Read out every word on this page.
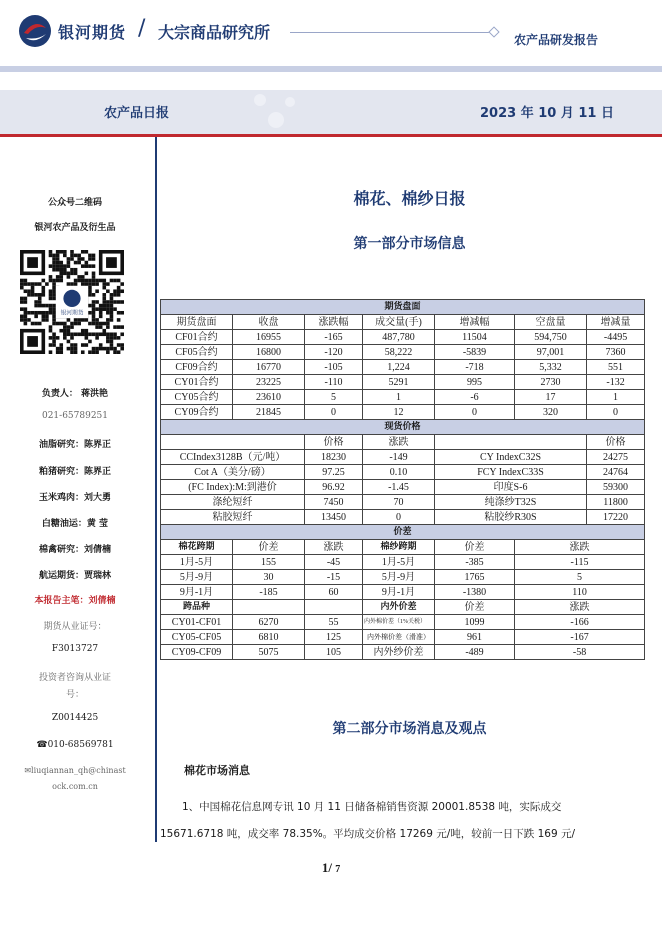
银河期货 / 大宗商品研究所	农产品研发报告
农产品日报	2023 年 10 月 11 日
公众号二维码
银河农产品及衍生品
银河期货
负责人： 蒋洪艳
021-65789251
油脂研究：陈界正
粕猪研究：陈界正
玉米鸡肉：刘大勇
白糖油运：黄 莹
棉禽研究：刘倩楠
航运期货：贾瑞林
本报告主笔：刘倩楠
期货从业证号：
F3013727
投资者咨询从业证
号：
Z0014425
☎010-68569781
✉liuqiannan_qh@chinast
ock.com.cn
棉花、棉纱日报
第一部分市场信息
期货盘面							
期货盘面	收盘	涨跌幅	成交量(手)	增减幅	空盘量	增减量	
CF01合约	16955	-165	487,780	11504	594,750	-4495	
CF05合约	16800	-120	58,222	-5839	97,001	7360	
CF09合约	16770	-105	1,224	-718	5,332	551	
CY01合约	23225	-110	5291	995	2730	-132	
CY05合约	23610	5	1	-6	17	1	
CY09合约	21845	0	12	0	320	0	
现货价格							
		价格	涨跌			价格	
CCIndex3128B（元/吨）		18230	-149	CY IndexC32S		24275	
Cot A（美分/磅）		97.25	0.10	FCY IndexC33S		24764	
(FC Index):M:到港价		96.92	-1.45	印度S-6		59300	
涤纶短纤		7450	70	纯涤纱T32S		11800	
粘胶短纤		13450	0	粘胶纱R30S		17220	
价差							
棉花跨期	价差	涨跌	棉纱跨期	价差	涨跌		
1月-5月	155	-45	1月-5月	-385	-115		
5月-9月	30	-15	5月-9月	1765	5		
9月-1月	-185	60	9月-1月	-1380	110		
跨品种			内外价差	价差	涨跌		
CY01-CF01	6270	55	内外棉价差（1%关税）	1099	-166		
CY05-CF05	6810	125	内外棉价差（滑准）	961	-167		
CY09-CF09	5075	105	内外纱价差	-489	-58		
第二部分市场消息及观点
棉花市场消息
1、中国棉花信息网专讯 10 月 11 日储备棉销售资源 20001.8538 吨，实际成交 15671.6718 吨，成交率 78.35%。平均成交价格 17269 元/吨，较前一日下跌 169 元/
1/ 7
